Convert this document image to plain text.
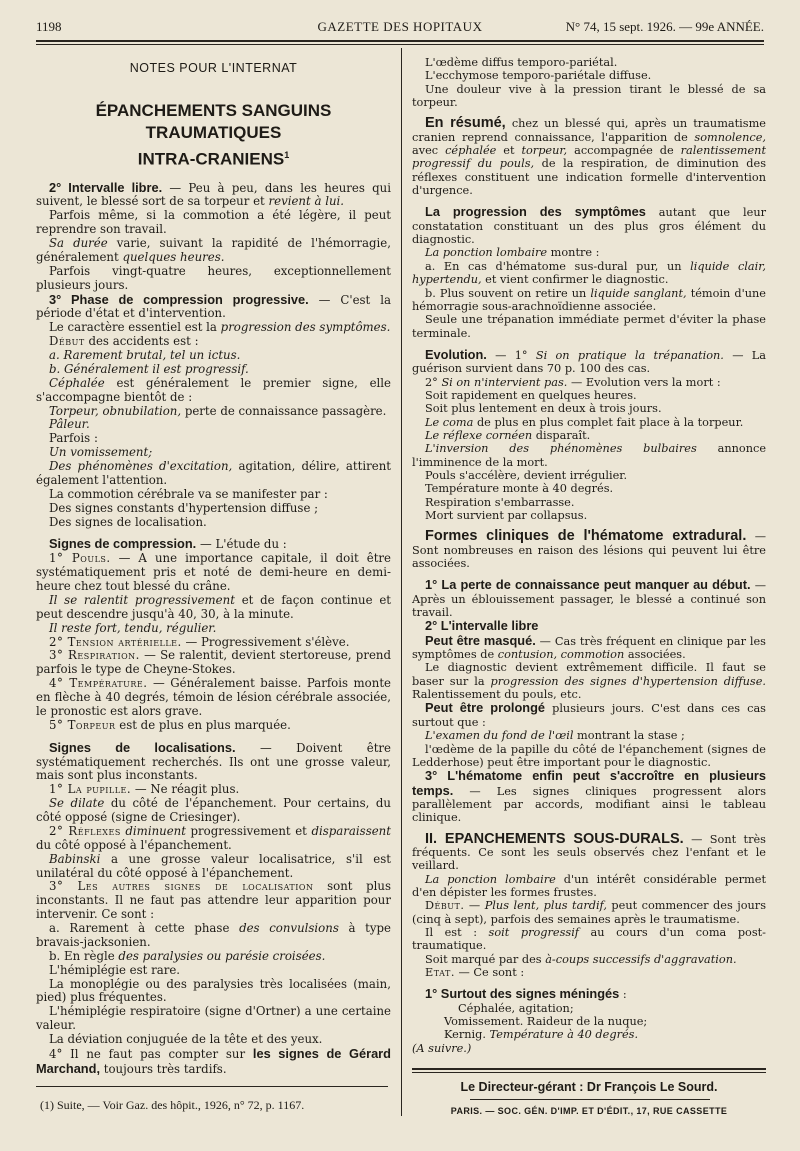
1198	GAZETTE DES HOPITAUX	N° 74, 15 sept. 1926. — 99e ANNÉE.
NOTES POUR L'INTERNAT
ÉPANCHEMENTS SANGUINS TRAUMATIQUES
INTRA-CRANIENS$^1$

2° Intervalle libre. — Peu à peu, dans les heures qui suivent, le blessé sort de sa torpeur et revient à lui.

Parfois même, si la commotion a été légère, il peut reprendre son travail.

Sa durée varie, suivant la rapidité de l'hémorragie, généralement quelques heures.

Parfois vingt-quatre heures, exceptionnellement plusieurs jours.

3° Phase de compression progressive. — C'est la période d'état et d'intervention.

Le caractère essentiel est la progression des symptômes.

Début des accidents est :

a. Rarement brutal, tel un ictus.

b. Généralement il est progressif.

Céphalée est généralement le premier signe, elle s'accompagne bientôt de :

Torpeur, obnubilation, perte de connaissance passagère.

Pâleur.

Parfois :

Un vomissement;

Des phénomènes d'excitation, agitation, délire, attirent également l'attention.

La commotion cérébrale va se manifester par :

Des signes constants d'hypertension diffuse ;

Des signes de localisation.

Signes de compression. — L'étude du :

1° Pouls. — A une importance capitale, il doit être systématiquement pris et noté de demi-heure en demi-heure chez tout blessé du crâne.

Il se ralentit progressivement et de façon continue et peut descendre jusqu'à 40, 30, à la minute.

Il reste fort, tendu, régulier.

2° Tension artérielle. — Progressivement s'élève.

3° Respiration. — Se ralentit, devient stertoreuse, prend parfois le type de Cheyne-Stokes.

4° Température. — Généralement baisse. Parfois monte en flèche à 40 degrés, témoin de lésion cérébrale associée, le pronostic est alors grave.

5° Torpeur est de plus en plus marquée.

Signes de localisations. — Doivent être systématiquement recherchés. Ils ont une grosse valeur, mais sont plus inconstants.

1° La pupille. — Ne réagit plus.

Se dilate du côté de l'épanchement. Pour certains, du côté opposé (signe de Criesinger).

2° Réflexes diminuent progressivement et disparaissent du côté opposé à l'épanchement.

Babinski a une grosse valeur localisatrice, s'il est unilatéral du côté opposé à l'épanchement.

3° Les autres signes de localisation sont plus inconstants. Il ne faut pas attendre leur apparition pour intervenir. Ce sont :

a. Rarement à cette phase des convulsions à type bravais-jacksonien.

b. En règle des paralysies ou parésie croisées.

L'hémiplégie est rare.

La monoplégie ou des paralysies très localisées (main, pied) plus fréquentes.

L'hémiplégie respiratoire (signe d'Ortner) a une certaine valeur.

La déviation conjuguée de la tête et des yeux.

4° Il ne faut pas compter sur les signes de Gérard Marchand, toujours très tardifs.

(1) Suite, — Voir Gaz. des hôpit., 1926, n° 72, p. 1167.

L'œdème diffus temporo-pariétal.

L'ecchymose temporo-pariétale diffuse.

Une douleur vive à la pression tirant le blessé de sa torpeur.

En résumé, chez un blessé qui, après un traumatisme cranien reprend connaissance, l'apparition de somnolence, avec céphalée et torpeur, accompagnée de ralentissement progressif du pouls, de la respiration, de diminution des réflexes constituent une indication formelle d'intervention d'urgence.

La progression des symptômes autant que leur constatation constituant un des plus gros élément du diagnostic.

La ponction lombaire montre :

a. En cas d'hématome sus-dural pur, un liquide clair, hypertendu, et vient confirmer le diagnostic.

b. Plus souvent on retire un liquide sanglant, témoin d'une hémorragie sous-arachnoïdienne associée.

Seule une trépanation immédiate permet d'éviter la phase terminale.

Evolution. — 1° Si on pratique la trépanation. — La guérison survient dans 70 p. 100 des cas.

2° Si on n'intervient pas. — Evolution vers la mort :

Soit rapidement en quelques heures.

Soit plus lentement en deux à trois jours.

Le coma de plus en plus complet fait place à la torpeur.

Le réflexe cornéen disparaît.

L'inversion des phénomènes bulbaires annonce l'imminence de la mort.

Pouls s'accélère, devient irrégulier.

Température monte à 40 degrés.

Respiration s'embarrasse.

Mort survient par collapsus.

Formes cliniques de l'hématome extradural. — Sont nombreuses en raison des lésions qui peuvent lui être associées.

1° La perte de connaissance peut manquer au début. — Après un éblouissement passager, le blessé a continué son travail.

2° L'intervalle libre

Peut être masqué. — Cas très fréquent en clinique par les symptômes de contusion, commotion associées.

Le diagnostic devient extrêmement difficile. Il faut se baser sur la progression des signes d'hypertension diffuse. Ralentissement du pouls, etc.

Peut être prolongé plusieurs jours. C'est dans ces cas surtout que :

L'examen du fond de l'œil montrant la stase ;

l'œdème de la papille du côté de l'épanchement (signes de Ledderhose) peut être important pour le diagnostic.

3° L'hématome enfin peut s'accroître en plusieurs temps. — Les signes cliniques progressent alors parallèlement par accords, modifiant ainsi le tableau clinique.

II. EPANCHEMENTS SOUS-DURALS. — Sont très fréquents. Ce sont les seuls observés chez l'enfant et le veillard.

La ponction lombaire d'un intérêt considérable permet d'en dépister les formes frustes.

Début. — Plus lent, plus tardif, peut commencer des jours (cinq à sept), parfois des semaines après le traumatisme.

Il est : soit progressif au cours d'un coma post-traumatique.

Soit marqué par des à-coups successifs d'aggravation.

Etat. — Ce sont :

1° Surtout des signes méningés :

Céphalée, agitation;

Vomissement. Raideur de la nuque;

Kernig. Température à 40 degrés.

(A suivre.)

Le Directeur-gérant : Dr François Le Sourd.
PARIS. — SOC. GÉN. D'IMP. ET D'ÉDIT., 17, RUE CASSETTE
